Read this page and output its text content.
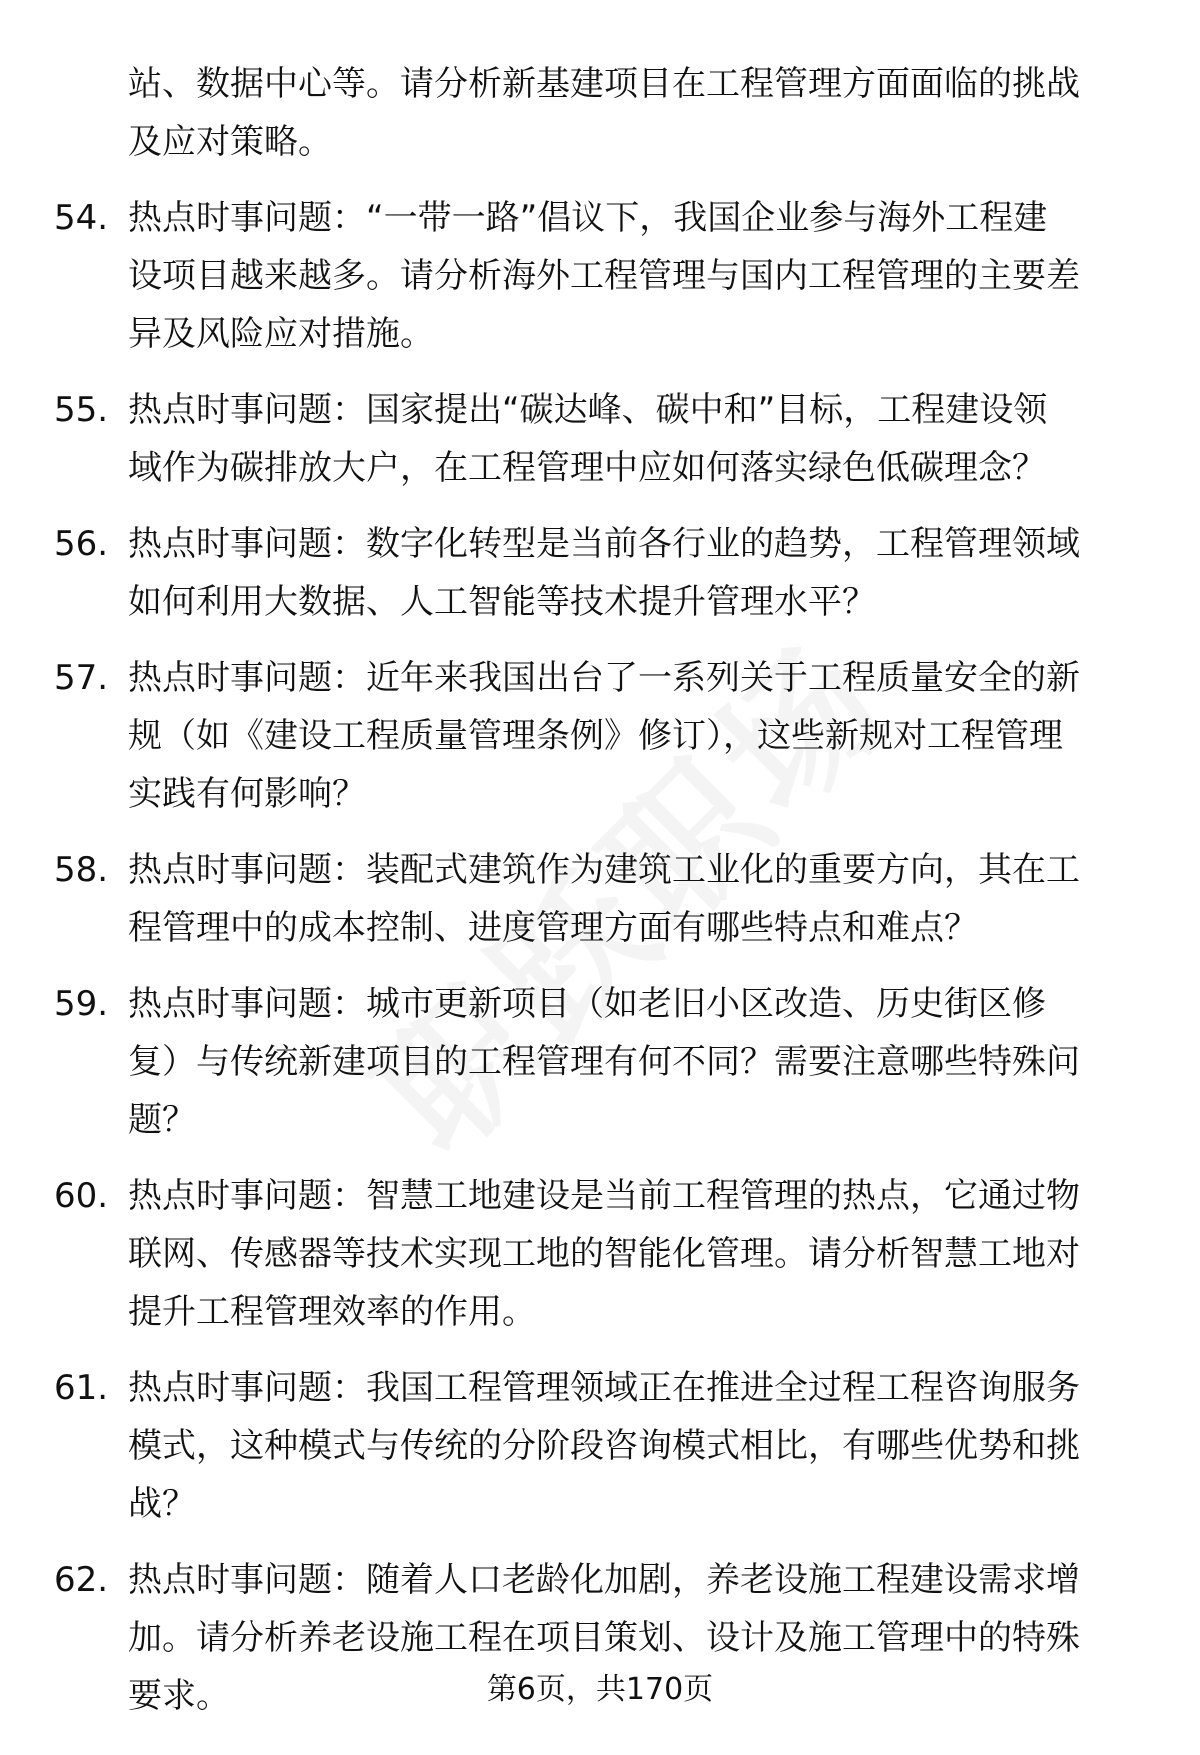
站、数据中心等。请分析新基建项目在工程管理方面面临的挑战
及应对策略。
54. 热点时事问题：“一带一路”倡议下，我国企业参与海外工程建
设项目越来越多。请分析海外工程管理与国内工程管理的主要差
异及风险应对措施。
55. 热点时事问题：国家提出“碳达峰、碳中和”目标，工程建设领
域作为碳排放大户，在工程管理中应如何落实绿色低碳理念？
56. 热点时事问题：数字化转型是当前各行业的趋势，工程管理领域
如何利用大数据、人工智能等技术提升管理水平？
57. 热点时事问题：近年来我国出台了一系列关于工程质量安全的新
规（如《建设工程质量管理条例》修订），这些新规对工程管理
实践有何影响？
58. 热点时事问题：装配式建筑作为建筑工业化的重要方向，其在工
程管理中的成本控制、进度管理方面有哪些特点和难点？
59. 热点时事问题：城市更新项目（如老旧小区改造、历史街区修
复）与传统新建项目的工程管理有何不同？需要注意哪些特殊问
题？
60. 热点时事问题：智慧工地建设是当前工程管理的热点，它通过物
联网、传感器等技术实现工地的智能化管理。请分析智慧工地对
提升工程管理效率的作用。
61. 热点时事问题：我国工程管理领域正在推进全过程工程咨询服务
模式，这种模式与传统的分阶段咨询模式相比，有哪些优势和挑
战？
62. 热点时事问题：随着人口老龄化加剧，养老设施工程建设需求增
加。请分析养老设施工程在项目策划、设计及施工管理中的特殊
要求。	第6页，共170页
